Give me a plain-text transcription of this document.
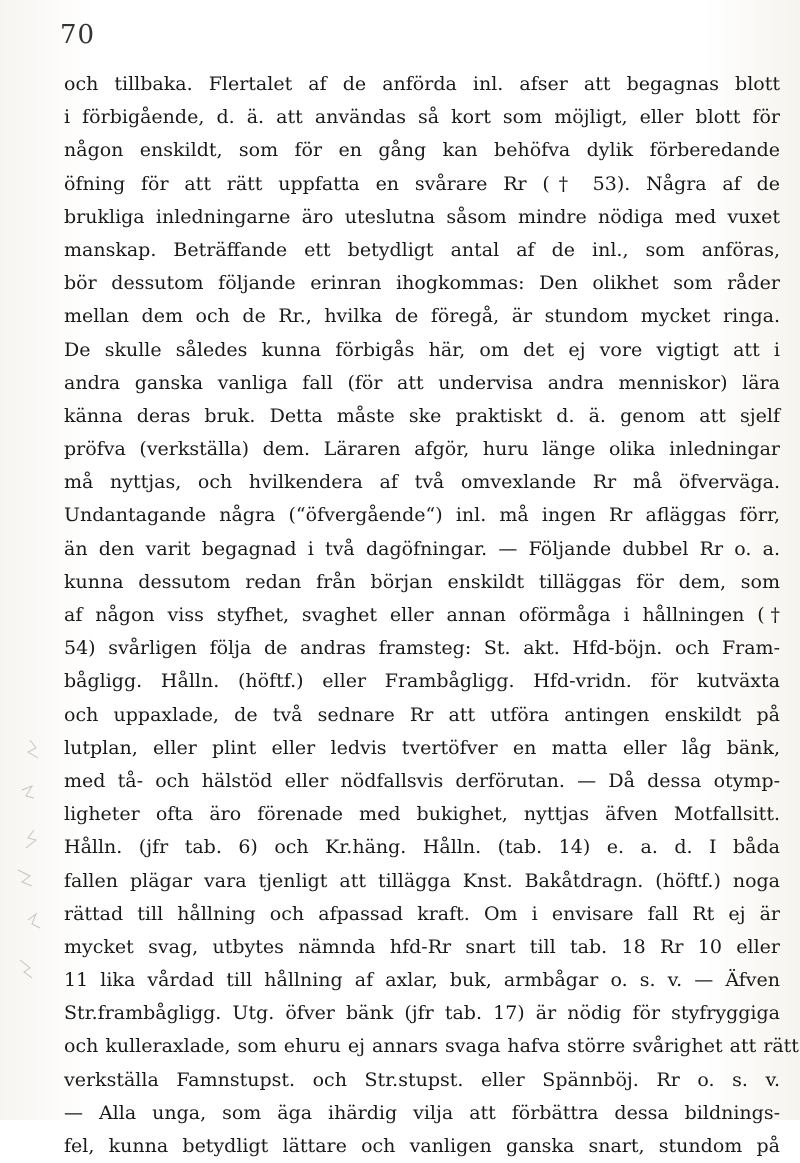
70
och tillbaka. Flertalet af de anförda inl. afser att begagnas blott
i förbigående, d. ä. att användas så kort som möjligt, eller blott för
någon enskildt, som för en gång kan behöfva dylik förberedande
öfning för att rätt uppfatta en svårare Rr († 53). Några af de
brukliga inledningarne äro uteslutna såsom mindre nödiga med vuxet
manskap. Beträffande ett betydligt antal af de inl., som anföras,
bör dessutom följande erinran ihogkommas: Den olikhet som råder
mellan dem och de Rr., hvilka de föregå, är stundom mycket ringa.
De skulle således kunna förbigås här, om det ej vore vigtigt att i
andra ganska vanliga fall (för att undervisa andra menniskor) lära
känna deras bruk. Detta måste ske praktiskt d. ä. genom att sjelf
pröfva (verkställa) dem. Läraren afgör, huru länge olika inledningar
må nyttjas, och hvilkendera af två omvexlande Rr må öfverväga.
Undantagande några (“öfvergående“) inl. må ingen Rr afläggas förr,
än den varit begagnad i två dagöfningar. — Följande dubbel Rr o. a.
kunna dessutom redan från början enskildt tilläggas för dem, som
af någon viss styfhet, svaghet eller annan oförmåga i hållningen (†
54) svårligen följa de andras framsteg: St. akt. Hfd-böjn. och Fram-
bågligg. Hålln. (höftf.) eller Frambågligg. Hfd-vridn. för kutväxta
och uppaxlade, de två sednare Rr att utföra antingen enskildt på
lutplan, eller plint eller ledvis tvertöfver en matta eller låg bänk,
med tå- och hälstöd eller nödfallsvis derförutan. — Då dessa otymp-
ligheter ofta äro förenade med bukighet, nyttjas äfven Motfallsitt.
Hålln. (jfr tab. 6) och Kr.häng. Hålln. (tab. 14) e. a. d. I båda
fallen plägar vara tjenligt att tillägga Knst. Bakåtdragn. (höftf.) noga
rättad till hållning och afpassad kraft. Om i envisare fall Rt ej är
mycket svag, utbytes nämnda hfd-Rr snart till tab. 18 Rr 10 eller
11 lika vårdad till hållning af axlar, buk, armbågar o. s. v. — Äfven
Str.frambågligg. Utg. öfver bänk (jfr tab. 17) är nödig för styfryggiga
och kulleraxlade, som ehuru ej annars svaga hafva större svårighet att rätt
verkställa Famnstupst. och Str.stupst. eller Spännböj. Rr o. s. v.
— Alla unga, som äga ihärdig vilja att förbättra dessa bildnings-
fel, kunna betydligt lättare och vanligen ganska snart, stundom på
